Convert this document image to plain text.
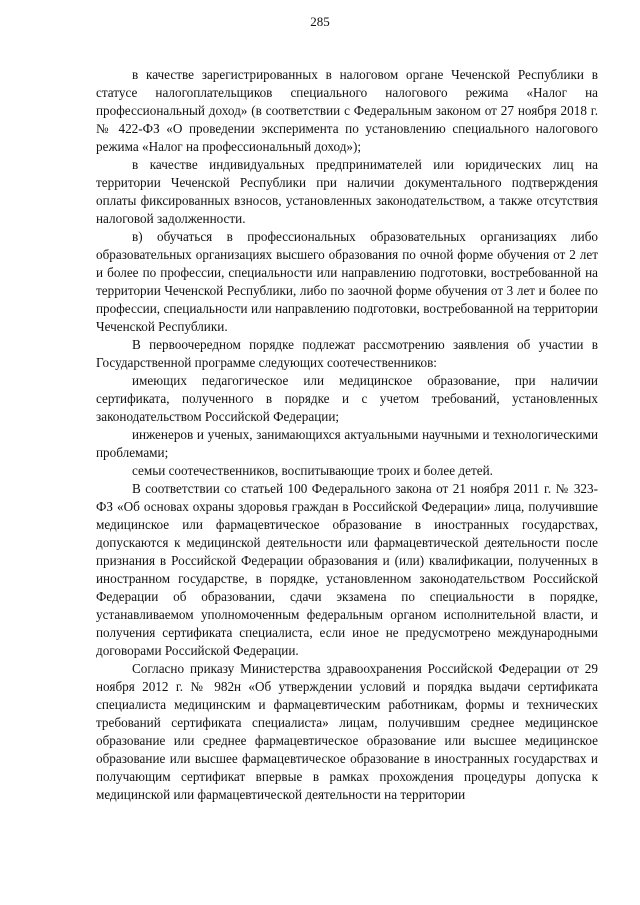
285

в качестве зарегистрированных в налоговом органе Чеченской Республики в статусе налогоплательщиков специального налогового режима «Налог на профессиональный доход» (в соответствии с Федеральным законом от 27 ноября 2018 г. № 422-ФЗ «О проведении эксперимента по установлению специального налогового режима «Налог на профессиональный доход»);

в качестве индивидуальных предпринимателей или юридических лиц на территории Чеченской Республики при наличии документального подтверждения оплаты фиксированных взносов, установленных законодательством, а также отсутствия налоговой задолженности.

в) обучаться в профессиональных образовательных организациях либо образовательных организациях высшего образования по очной форме обучения от 2 лет и более по профессии, специальности или направлению подготовки, востребованной на территории Чеченской Республики, либо по заочной форме обучения от 3 лет и более по профессии, специальности или направлению подготовки, востребованной на территории Чеченской Республики.

В первоочередном порядке подлежат рассмотрению заявления об участии в Государственной программе следующих соотечественников:

имеющих педагогическое или медицинское образование, при наличии сертификата, полученного в порядке и с учетом требований, установленных законодательством Российской Федерации;

инженеров и ученых, занимающихся актуальными научными и технологическими проблемами;

семьи соотечественников, воспитывающие троих и более детей.

В соответствии со статьей 100 Федерального закона от 21 ноября 2011 г. № 323-ФЗ «Об основах охраны здоровья граждан в Российской Федерации» лица, получившие медицинское или фармацевтическое образование в иностранных государствах, допускаются к медицинской деятельности или фармацевтической деятельности после признания в Российской Федерации образования и (или) квалификации, полученных в иностранном государстве, в порядке, установленном законодательством Российской Федерации об образовании, сдачи экзамена по специальности в порядке, устанавливаемом уполномоченным федеральным органом исполнительной власти, и получения сертификата специалиста, если иное не предусмотрено международными договорами Российской Федерации.

Согласно приказу Министерства здравоохранения Российской Федерации от 29 ноября 2012 г. № 982н «Об утверждении условий и порядка выдачи сертификата специалиста медицинским и фармацевтическим работникам, формы и технических требований сертификата специалиста» лицам, получившим среднее медицинское образование или среднее фармацевтическое образование или высшее медицинское образование или высшее фармацевтическое образование в иностранных государствах и получающим сертификат впервые в рамках прохождения процедуры допуска к медицинской или фармацевтической деятельности на территории
